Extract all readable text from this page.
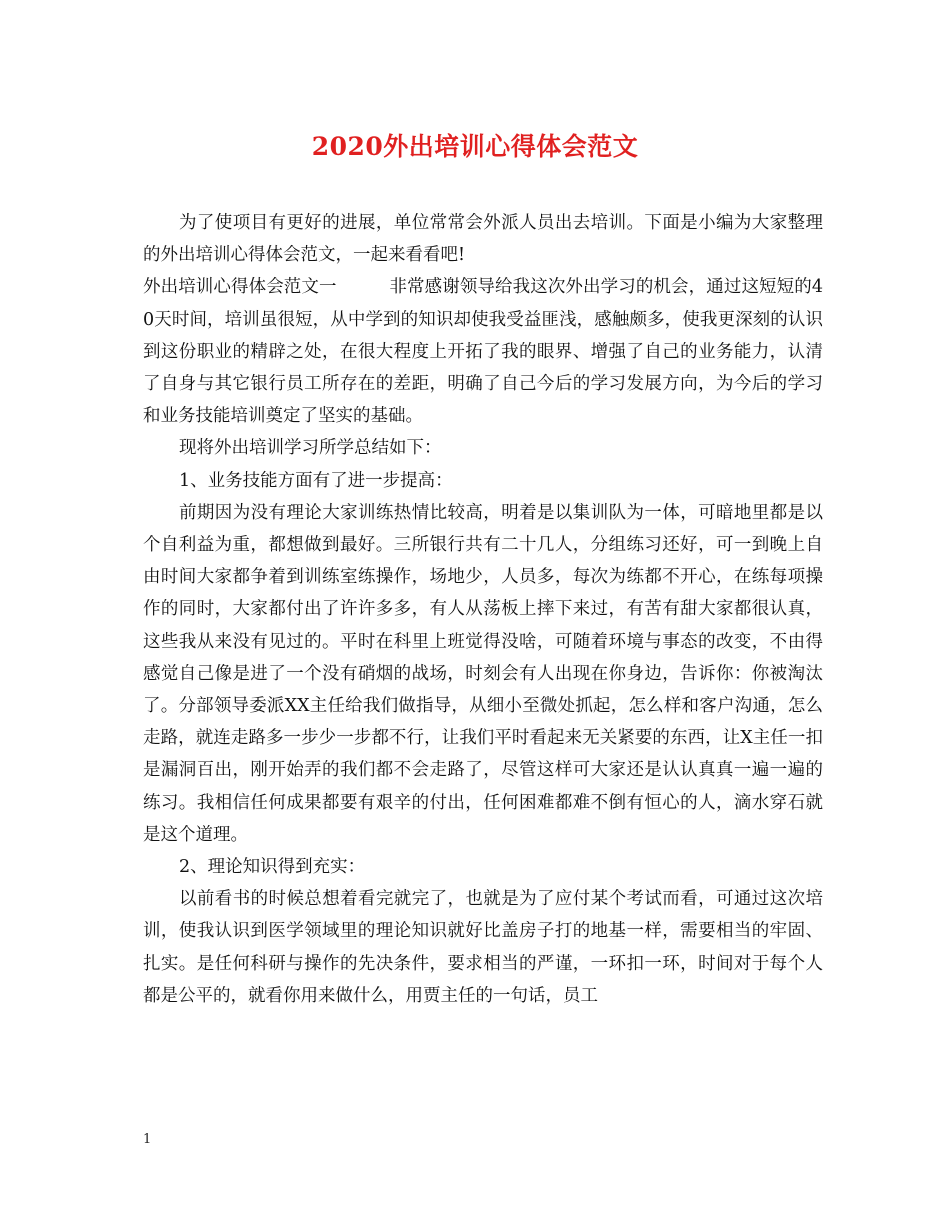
2020外出培训心得体会范文

为了使项目有更好的进展，单位常常会外派人员出去培训。下面是小编为大家整理的外出培训心得体会范文，一起来看看吧!

外出培训心得体会范文一　　　非常感谢领导给我这次外出学习的机会，通过这短短的40天时间，培训虽很短，从中学到的知识却使我受益匪浅，感触颇多，使我更深刻的认识到这份职业的精辟之处，在很大程度上开拓了我的眼界、增强了自己的业务能力，认清了自身与其它银行员工所存在的差距，明确了自己今后的学习发展方向，为今后的学习和业务技能培训奠定了坚实的基础。

现将外出培训学习所学总结如下：

1、业务技能方面有了进一步提高：

前期因为没有理论大家训练热情比较高，明着是以集训队为一体，可暗地里都是以个自利益为重，都想做到最好。三所银行共有二十几人，分组练习还好，可一到晚上自由时间大家都争着到训练室练操作，场地少，人员多，每次为练都不开心，在练每项操作的同时，大家都付出了许许多多，有人从荡板上摔下来过，有苦有甜大家都很认真，这些我从来没有见过的。平时在科里上班觉得没啥，可随着环境与事态的改变，不由得感觉自己像是进了一个没有硝烟的战场，时刻会有人出现在你身边，告诉你：你被淘汰了。分部领导委派XX主任给我们做指导，从细小至微处抓起，怎么样和客户沟通，怎么走路，就连走路多一步少一步都不行，让我们平时看起来无关紧要的东西，让X主任一扣是漏洞百出，刚开始弄的我们都不会走路了，尽管这样可大家还是认认真真一遍一遍的练习。我相信任何成果都要有艰辛的付出，任何困难都难不倒有恒心的人，滴水穿石就是这个道理。

2、理论知识得到充实：

以前看书的时候总想着看完就完了，也就是为了应付某个考试而看，可通过这次培训，使我认识到医学领域里的理论知识就好比盖房子打的地基一样，需要相当的牢固、扎实。是任何科研与操作的先决条件，要求相当的严谨，一环扣一环，时间对于每个人都是公平的，就看你用来做什么，用贾主任的一句话，员工

1
